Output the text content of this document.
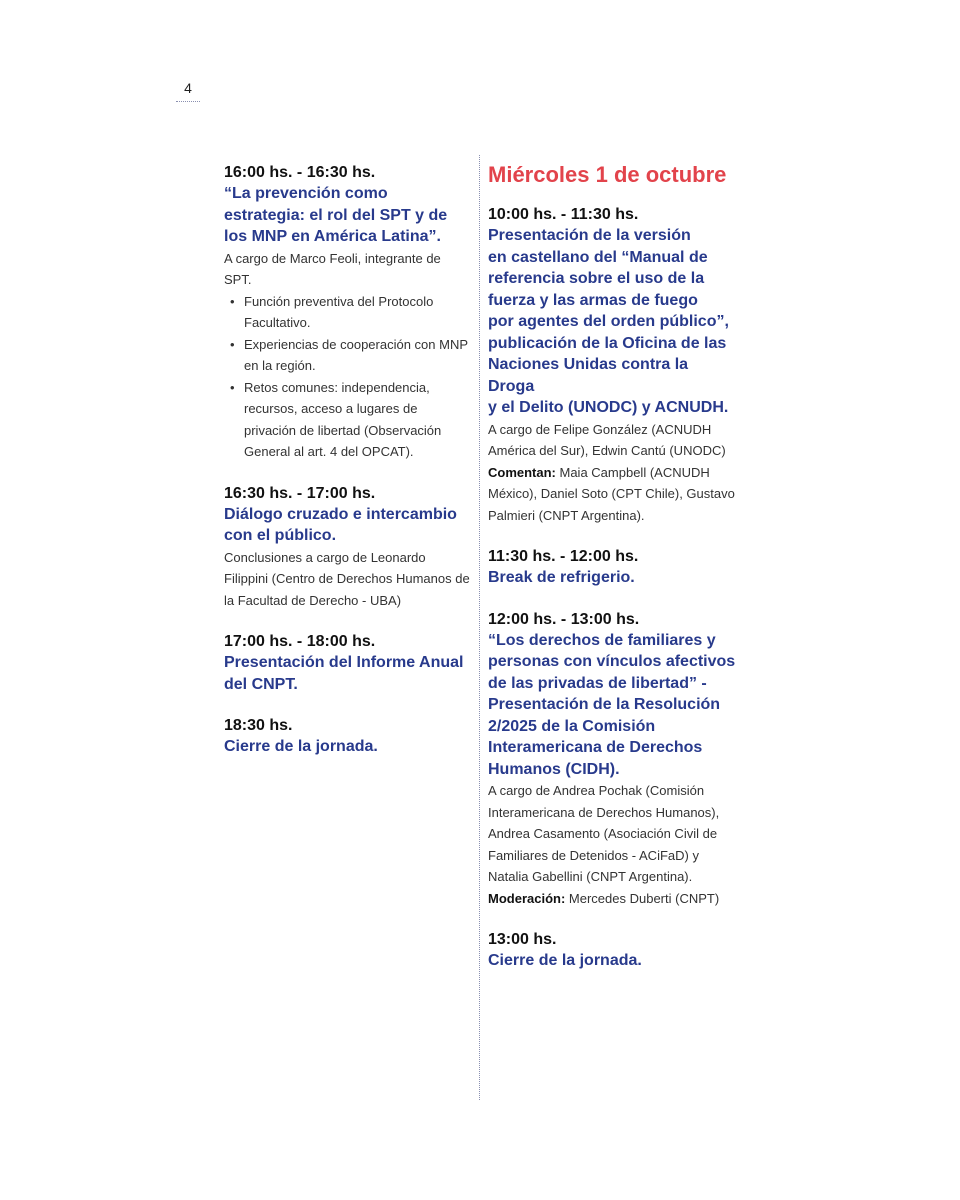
4
16:00 hs. - 16:30 hs.
“La prevención como estrategia: el rol del SPT y de los MNP en América Latina”.
A cargo de Marco Feoli, integrante de SPT.
• Función preventiva del Protocolo Facultativo.
• Experiencias de cooperación con MNP en la región.
• Retos comunes: independencia, recursos, acceso a lugares de privación de libertad (Observación General al art. 4 del OPCAT).
16:30 hs. - 17:00 hs.
Diálogo cruzado e intercambio con el público.
Conclusiones a cargo de Leonardo Filippini (Centro de Derechos Humanos de la Facultad de Derecho - UBA)
17:00 hs. - 18:00 hs.
Presentación del Informe Anual del CNPT.
18:30 hs.
Cierre de la jornada.
Miércoles 1 de octubre
10:00 hs. - 11:30 hs.
Presentación de la versión
en castellano del “Manual de
referencia sobre el uso de la
fuerza y las armas de fuego
por agentes del orden público”,
publicación de la Oficina de las
Naciones Unidas contra la Droga
y el Delito (UNODC) y ACNUDH.
A cargo de Felipe González (ACNUDH América del Sur), Edwin Cantú (UNODC)
Comentan: Maia Campbell (ACNUDH México), Daniel Soto (CPT Chile), Gustavo Palmieri (CNPT Argentina).
11:30 hs. - 12:00 hs.
Break de refrigerio.
12:00 hs. - 13:00 hs.
“Los derechos de familiares y personas con vínculos afectivos de las privadas de libertad” - Presentación de la Resolución 2/2025 de la Comisión Interamericana de Derechos Humanos (CIDH).
A cargo de Andrea Pochak (Comisión Interamericana de Derechos Humanos), Andrea Casamento (Asociación Civil de Familiares de Detenidos - ACiFaD) y Natalia Gabellini (CNPT Argentina).
Moderación: Mercedes Duberti (CNPT)
13:00 hs.
Cierre de la jornada.
